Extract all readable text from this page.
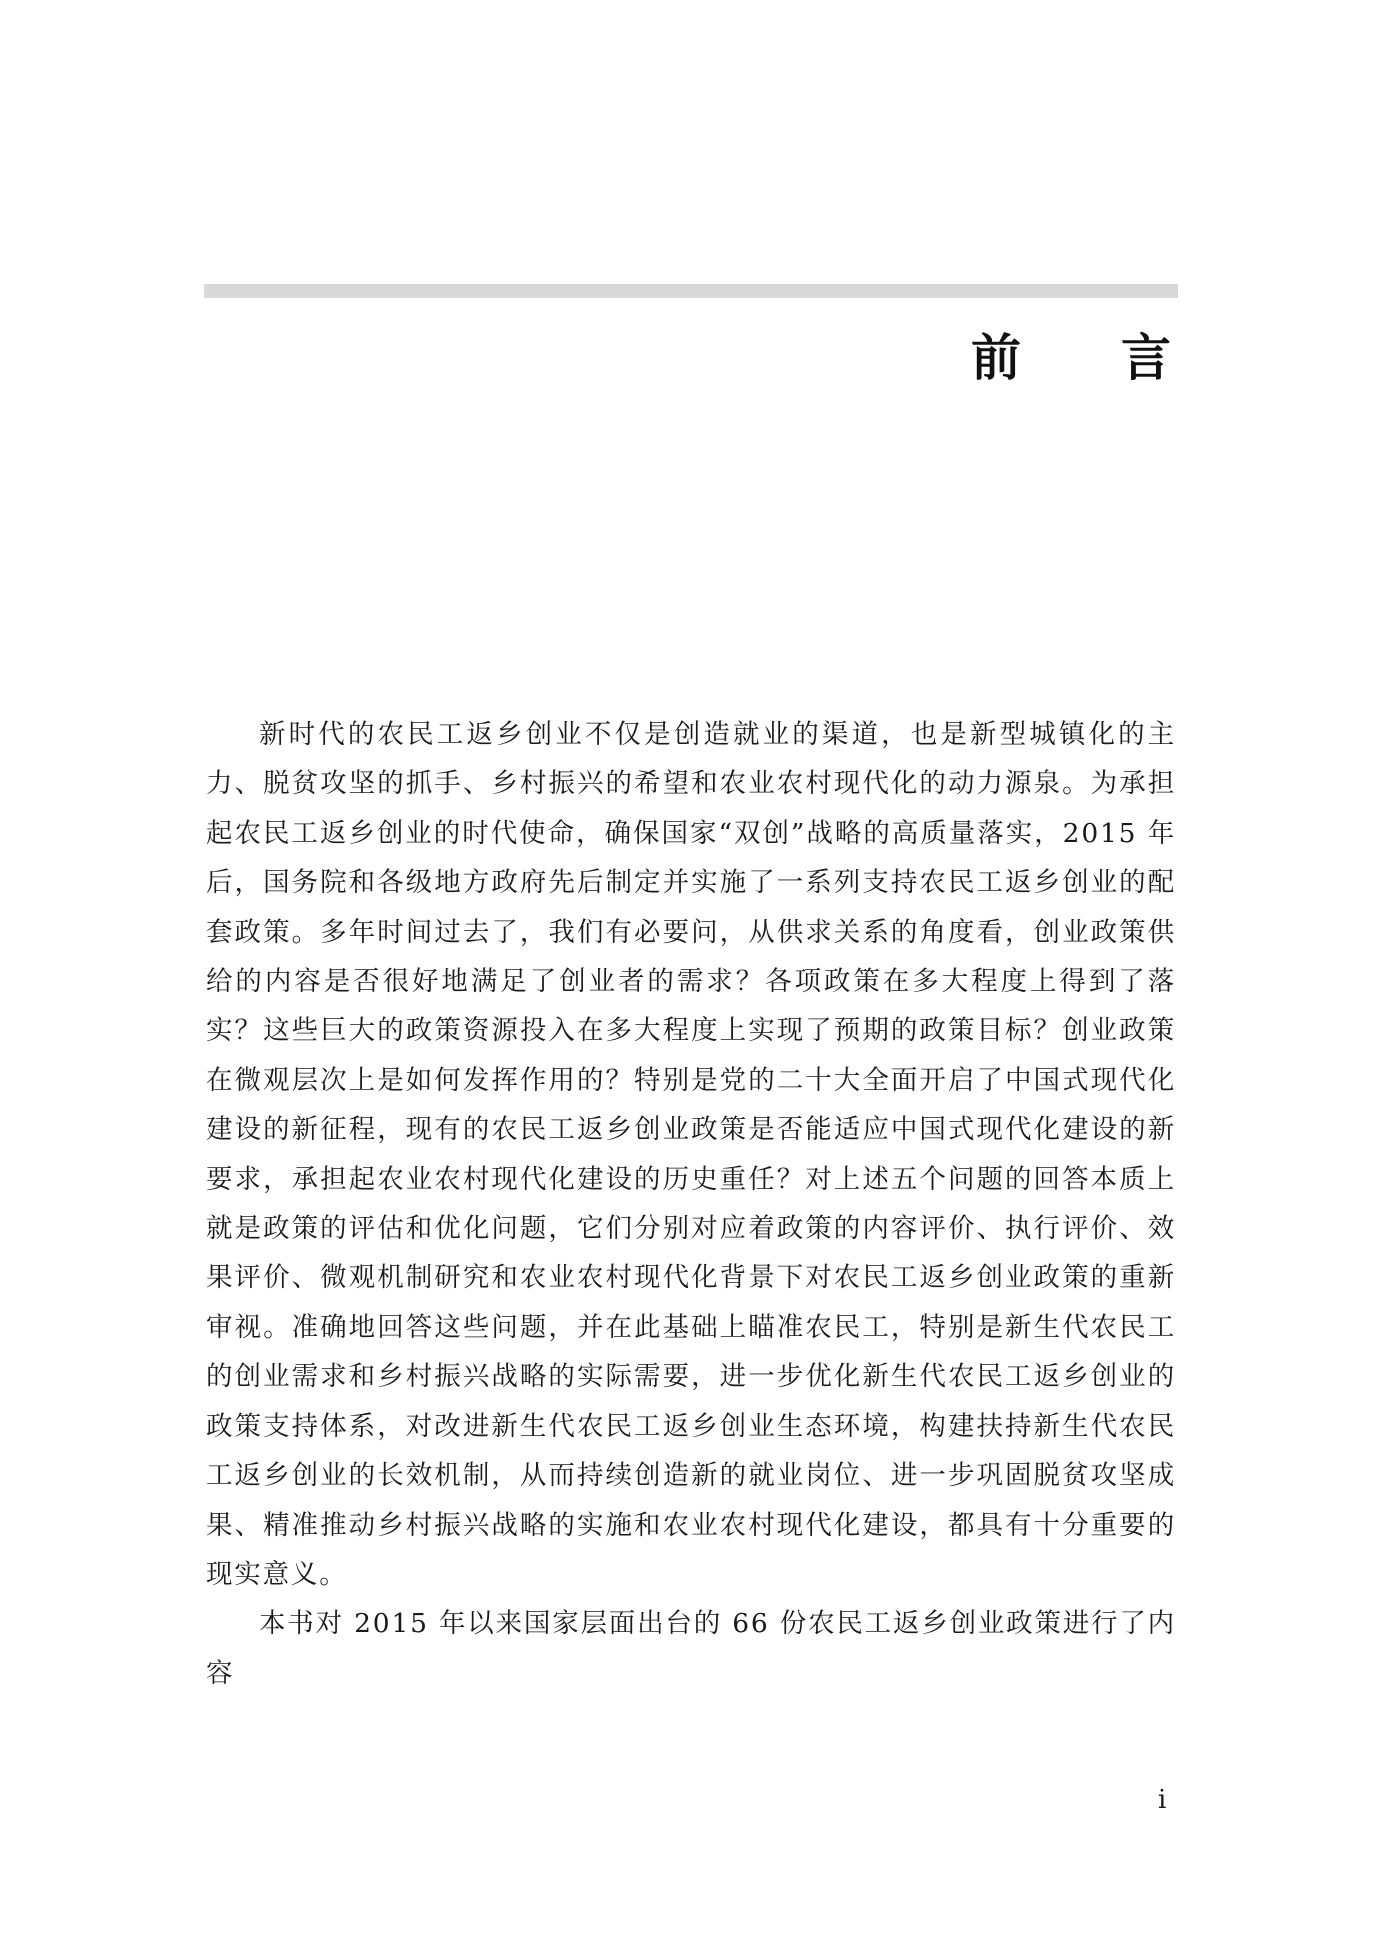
前 言

新时代的农民工返乡创业不仅是创造就业的渠道，也是新型城镇化的主力、脱贫攻坚的抓手、乡村振兴的希望和农业农村现代化的动力源泉。为承担起农民工返乡创业的时代使命，确保国家“双创”战略的高质量落实，2015 年后，国务院和各级地方政府先后制定并实施了一系列支持农民工返乡创业的配套政策。多年时间过去了，我们有必要问，从供求关系的角度看，创业政策供给的内容是否很好地满足了创业者的需求？各项政策在多大程度上得到了落实？这些巨大的政策资源投入在多大程度上实现了预期的政策目标？创业政策在微观层次上是如何发挥作用的？特别是党的二十大全面开启了中国式现代化建设的新征程，现有的农民工返乡创业政策是否能适应中国式现代化建设的新要求，承担起农业农村现代化建设的历史重任？对上述五个问题的回答本质上就是政策的评估和优化问题，它们分别对应着政策的内容评价、执行评价、效果评价、微观机制研究和农业农村现代化背景下对农民工返乡创业政策的重新审视。准确地回答这些问题，并在此基础上瞄准农民工，特别是新生代农民工的创业需求和乡村振兴战略的实际需要，进一步优化新生代农民工返乡创业的政策支持体系，对改进新生代农民工返乡创业生态环境，构建扶持新生代农民工返乡创业的长效机制，从而持续创造新的就业岗位、进一步巩固脱贫攻坚成果、精准推动乡村振兴战略的实施和农业农村现代化建设，都具有十分重要的现实意义。

本书对 2015 年以来国家层面出台的 66 份农民工返乡创业政策进行了内容

i
